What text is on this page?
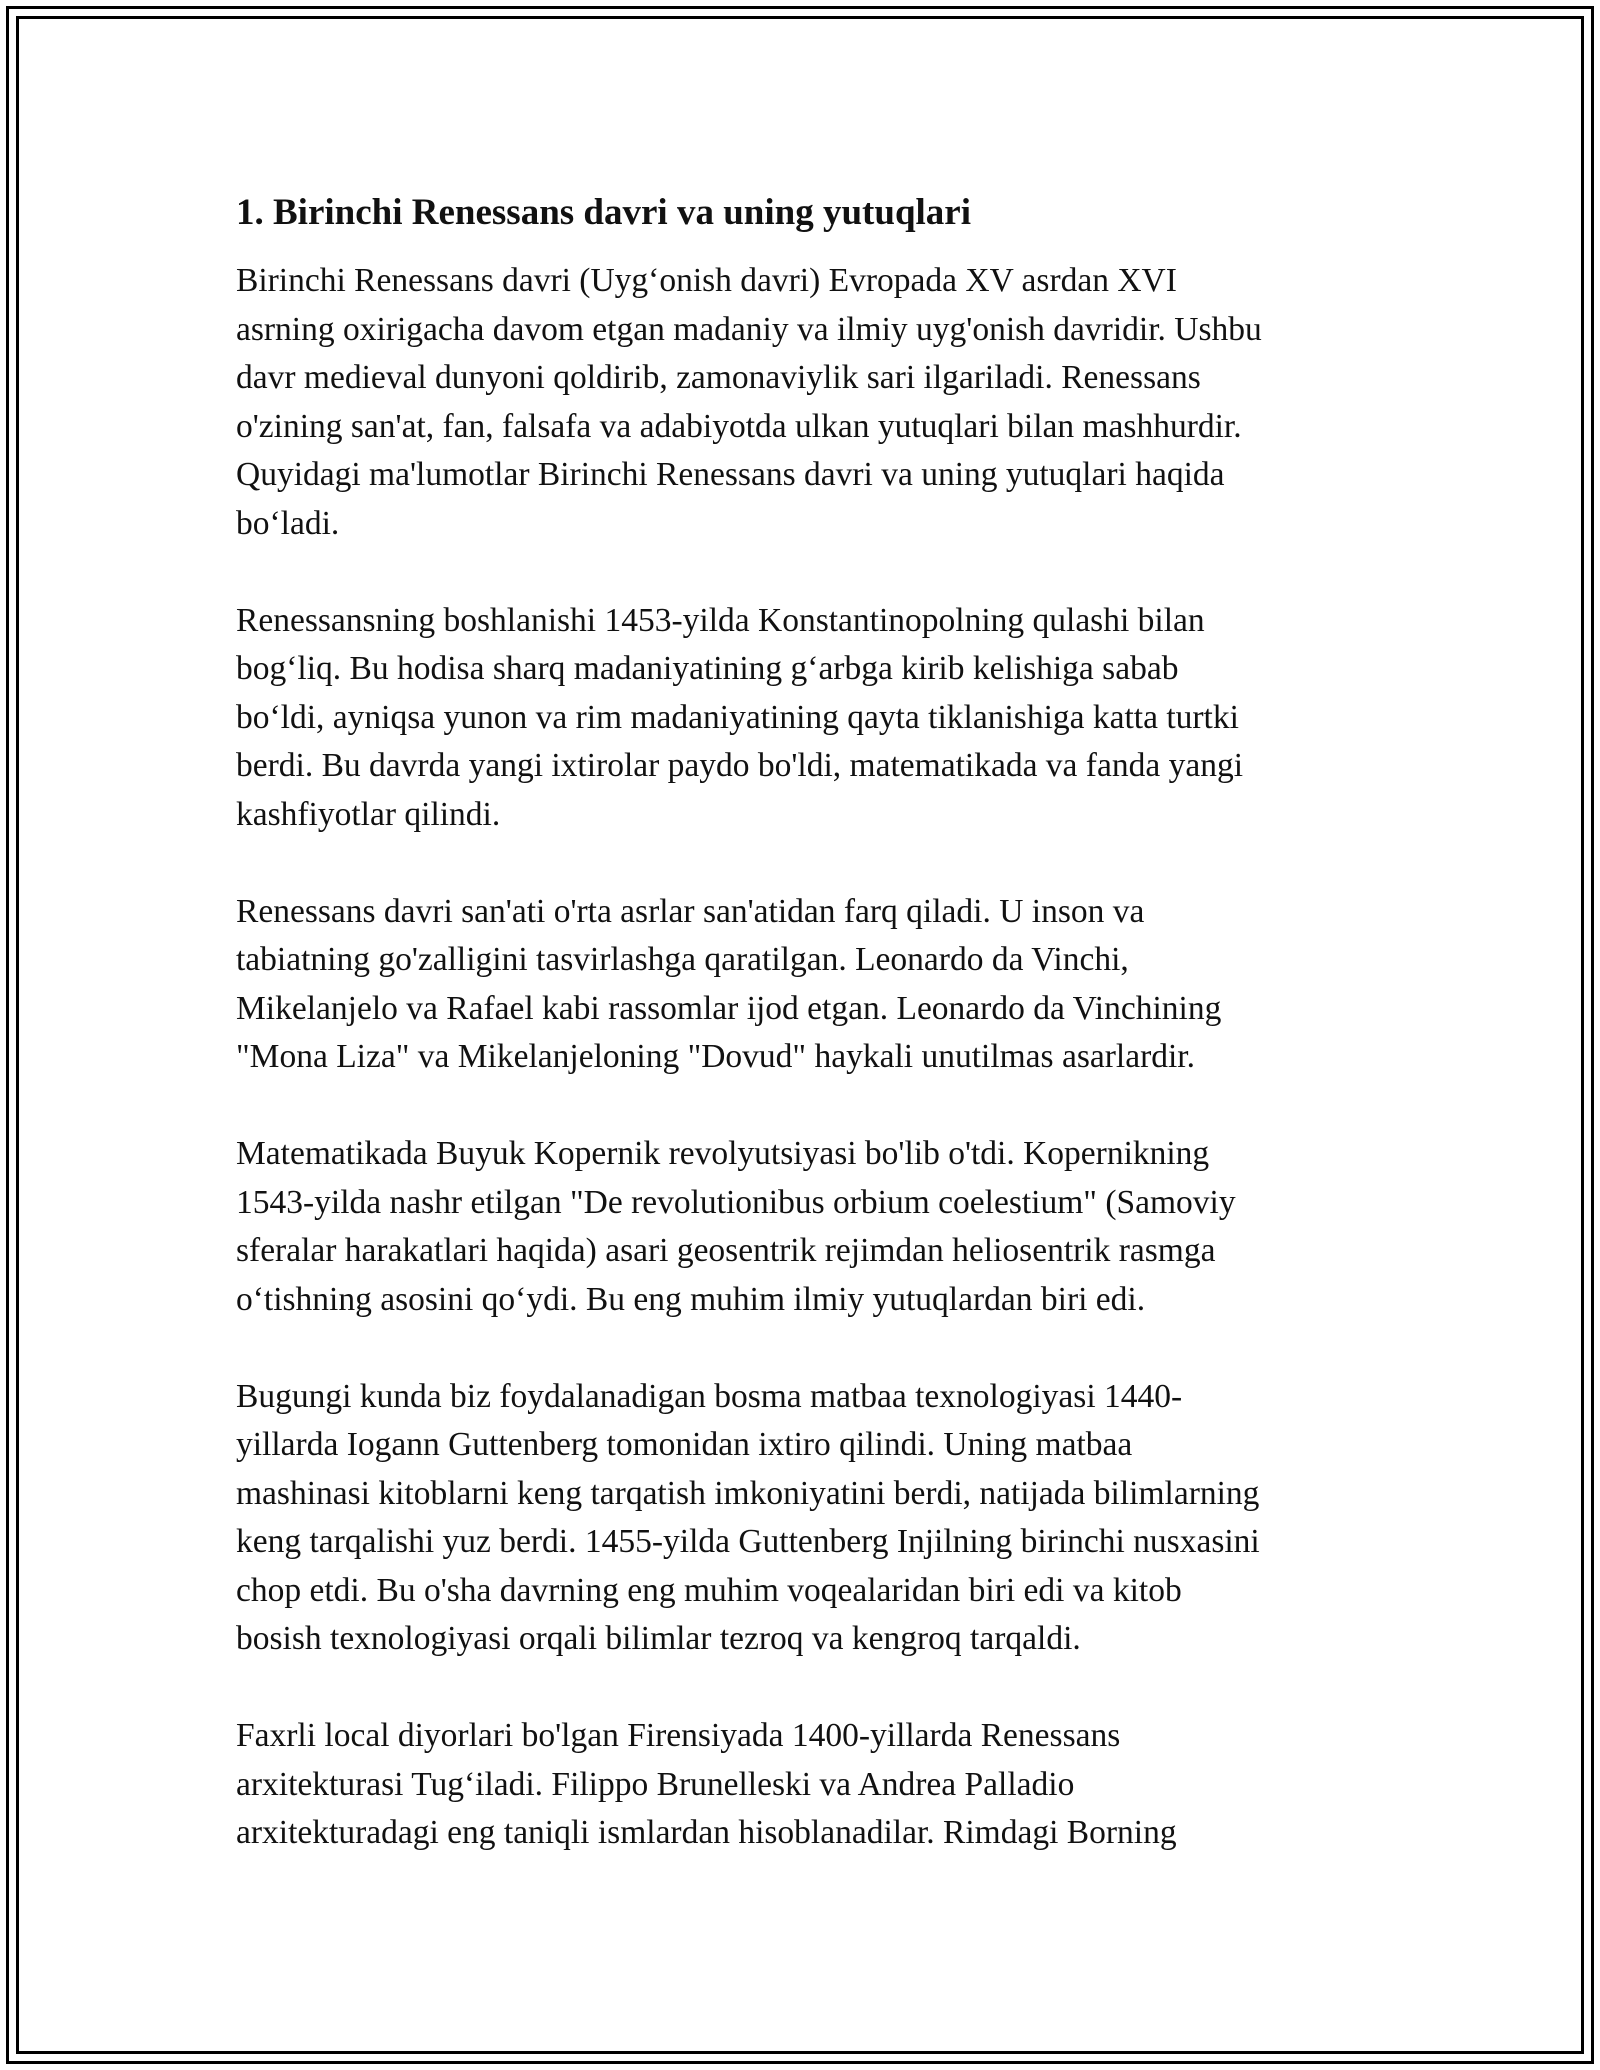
1. Birinchi Renessans davri va uning yutuqlari
Birinchi Renessans davri (Uyg‘onish davri) Evropada XV asrdan XVI
asrning oxirigacha davom etgan madaniy va ilmiy uyg'onish davridir. Ushbu
davr medieval dunyoni qoldirib, zamonaviylik sari ilgariladi. Renessans
o'zining san'at, fan, falsafa va adabiyotda ulkan yutuqlari bilan mashhurdir.
Quyidagi ma'lumotlar Birinchi Renessans davri va uning yutuqlari haqida
bo‘ladi.
Renessansning boshlanishi 1453-yilda Konstantinopolning qulashi bilan
bog‘liq. Bu hodisa sharq madaniyatining g‘arbga kirib kelishiga sabab
bo‘ldi, ayniqsa yunon va rim madaniyatining qayta tiklanishiga katta turtki
berdi. Bu davrda yangi ixtirolar paydo bo'ldi, matematikada va fanda yangi
kashfiyotlar qilindi.
Renessans davri san'ati o'rta asrlar san'atidan farq qiladi. U inson va
tabiatning go'zalligini tasvirlashga qaratilgan. Leonardo da Vinchi,
Mikelanjelo va Rafael kabi rassomlar ijod etgan. Leonardo da Vinchining
"Mona Liza" va Mikelanjeloning "Dovud" haykali unutilmas asarlardir.
Matematikada Buyuk Kopernik revolyutsiyasi bo'lib o'tdi. Kopernikning
1543-yilda nashr etilgan "De revolutionibus orbium coelestium" (Samoviy
sferalar harakatlari haqida) asari geosentrik rejimdan heliosentrik rasmga
o‘tishning asosini qo‘ydi. Bu eng muhim ilmiy yutuqlardan biri edi.
Bugungi kunda biz foydalanadigan bosma matbaa texnologiyasi 1440-
yillarda Iogann Guttenberg tomonidan ixtiro qilindi. Uning matbaa
mashinasi kitoblarni keng tarqatish imkoniyatini berdi, natijada bilimlarning
keng tarqalishi yuz berdi. 1455-yilda Guttenberg Injilning birinchi nusxasini
chop etdi. Bu o'sha davrning eng muhim voqealaridan biri edi va kitob
bosish texnologiyasi orqali bilimlar tezroq va kengroq tarqaldi.
Faxrli local diyorlari bo'lgan Firensiyada 1400-yillarda Renessans
arxitekturasi Tug‘iladi. Filippo Brunelleski va Andrea Palladio
arxitekturadagi eng taniqli ismlardan hisoblanadilar. Rimdagi Borning
